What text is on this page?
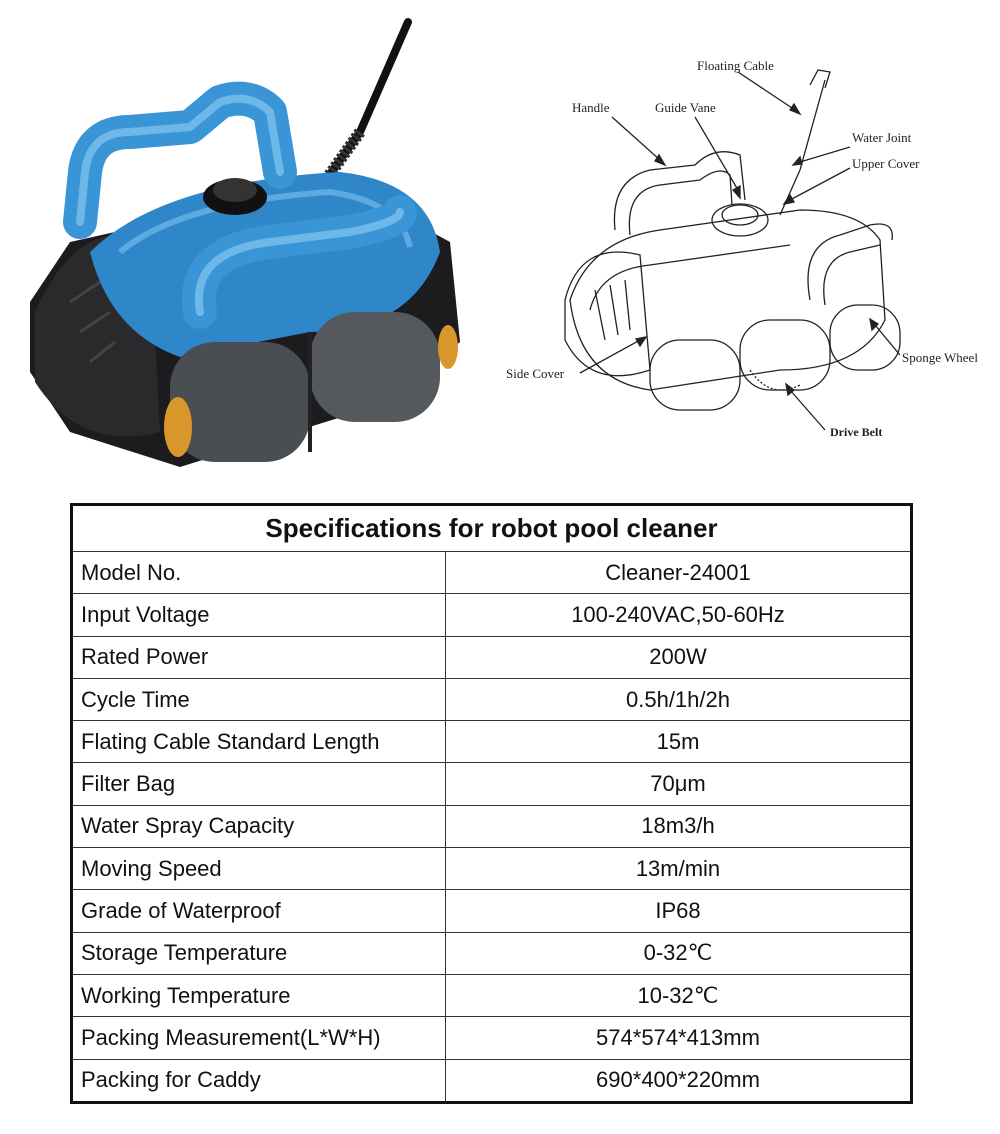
Floating Cable
Handle	Guide Vane
Water Joint
Upper Cover
Sponge Wheel
Side Cover
Drive Belt
Specifications for robot pool cleaner	
Model No.	Cleaner-24001
Input Voltage	100-240VAC,50-60Hz
Rated Power	200W
Cycle Time	0.5h/1h/2h
Flating Cable Standard Length	15m
Filter Bag	70μm
Water Spray Capacity	18m3/h
Moving Speed	13m/min
Grade of Waterproof	IP68
Storage Temperature	0-32℃
Working Temperature	10-32℃
Packing Measurement(L*W*H)	574*574*413mm
Packing for Caddy	690*400*220mm
